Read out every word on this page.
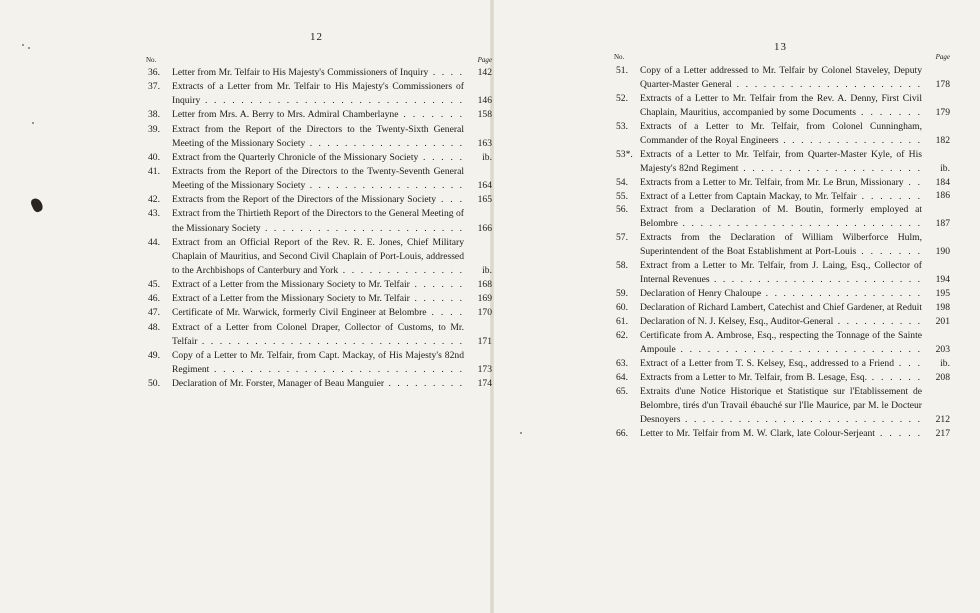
12
No.	Page
36. Letter from Mr. Telfair to His Majesty's Commissioners of Inquiry . . .	142
37. Extracts of a Letter from Mr. Telfair to His Majesty's Commissioners of Inquiry . . .	146
38. Letter from Mrs. A. Berry to Mrs. Admiral Chamberlayne . . .	158
39. Extract from the Report of the Directors to the Twenty-Sixth General Meeting of the Missionary Society . . .	163
40. Extract from the Quarterly Chronicle of the Missionary Society . . .	ib.
41. Extracts from the Report of the Directors to the Twenty-Seventh General Meeting of the Missionary Society . . .	164
42. Extracts from the Report of the Directors of the Missionary Society . . .	165
43. Extract from the Thirtieth Report of the Directors to the General Meeting of the Missionary Society . . .	166
44. Extract from an Official Report of the Rev. R. E. Jones, Chief Military Chaplain of Mauritius, and Second Civil Chaplain of Port-Louis, addressed to the Archbishops of Canterbury and York . . .	ib.
45. Extract of a Letter from the Missionary Society to Mr. Telfair . . .	168
46. Extract of a Letter from the Missionary Society to Mr. Telfair . . .	169
47. Certificate of Mr. Warwick, formerly Civil Engineer at Belombre . . .	170
48. Extract of a Letter from Colonel Draper, Collector of Customs, to Mr. Telfair . . .	171
49. Copy of a Letter to Mr. Telfair, from Capt. Mackay, of His Majesty's 82nd Regiment . . .	173
50. Declaration of Mr. Forster, Manager of Beau Manguier . . .	174
13
No.	Page
51. Copy of a Letter addressed to Mr. Telfair by Colonel Staveley, Deputy Quarter-Master General . . .	178
52. Extracts of a Letter to Mr. Telfair from the Rev. A. Denny, First Civil Chaplain, Mauritius, accompanied by some Documents . . .	179
53. Extracts of a Letter to Mr. Telfair, from Colonel Cunningham, Commander of the Royal Engineers . . .	182
53*. Extracts of a Letter to Mr. Telfair, from Quarter-Master Kyle, of His Majesty's 82nd Regiment . . .	ib.
54. Extracts from a Letter to Mr. Telfair, from Mr. Le Brun, Missionary . . .	184
55. Extract of a Letter from Captain Mackay, to Mr. Telfair . . .	186
56. Extract from a Declaration of M. Boutin, formerly employed at Belombre . . .	187
57. Extracts from the Declaration of William Wilberforce Hulm, Superintendent of the Boat Establishment at Port-Louis . . .	190
58. Extract from a Letter to Mr. Telfair, from J. Laing, Esq., Collector of Internal Revenues . . .	194
59. Declaration of Henry Chaloupe . . .	195
60. Declaration of Richard Lambert, Catechist and Chief Gardener, at Reduit . . . 198
61. Declaration of N. J. Kelsey, Esq., Auditor-General . . .	201
62. Certificate from A. Ambrose, Esq., respecting the Tonnage of the Sainte Ampoule . . .	203
63. Extract of a Letter from T. S. Kelsey, Esq., addressed to a Friend . . .	ib.
64. Extracts from a Letter to Mr. Telfair, from B. Lesage, Esq. . . .	208
65. Extraits d'une Notice Historique et Statistique sur l'Etablissement de Belombre, tirés d'un Travail ébauché sur l'Ile Maurice, par M. le Docteur Desnoyers . . .	212
66. Letter to Mr. Telfair from M. W. Clark, late Colour-Serjeant . . .	217
